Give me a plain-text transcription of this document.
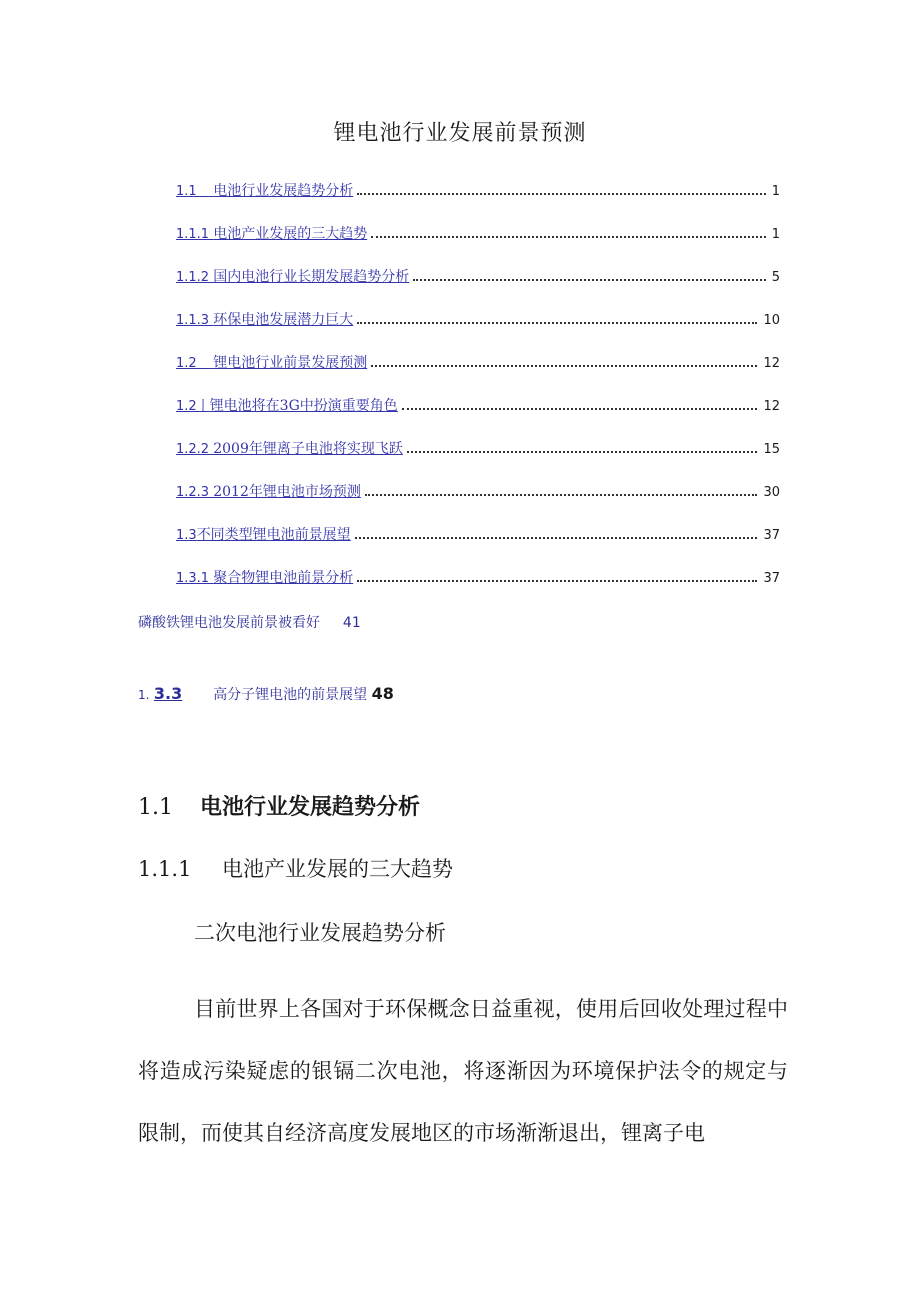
锂电池行业发展前景预测
1.1 电池行业发展趋势分析	1
1.1.1 电池产业发展的三大趋势	1
1.1.2 国内电池行业长期发展趋势分析	5
1.1.3 环保电池发展潜力巨大	10
1.2 锂电池行业前景发展预测	12
1.2丨 锂电池将在3G中扮演重要角色	12
1.2.2 2009年锂离子电池将实现飞跃	15
1.2.3 2012年锂电池市场预测	30
1.3 不同类型锂电池前景展望	37
1.3.1 聚合物锂电池前景分析	37
磷酸铁锂电池发展前景被看好 41
1. 3.3 高分子锂电池的前景展望 48
1.1 电池行业发展趋势分析
1.1.1 电池产业发展的三大趋势
二次电池行业发展趋势分析
目前世界上各国对于环保概念日益重视，使用后回收处理过程中将造成污染疑虑的银镉二次电池，将逐渐因为环境保护法令的规定与限制，而使其自经济高度发展地区的市场渐渐退出，锂离子电
